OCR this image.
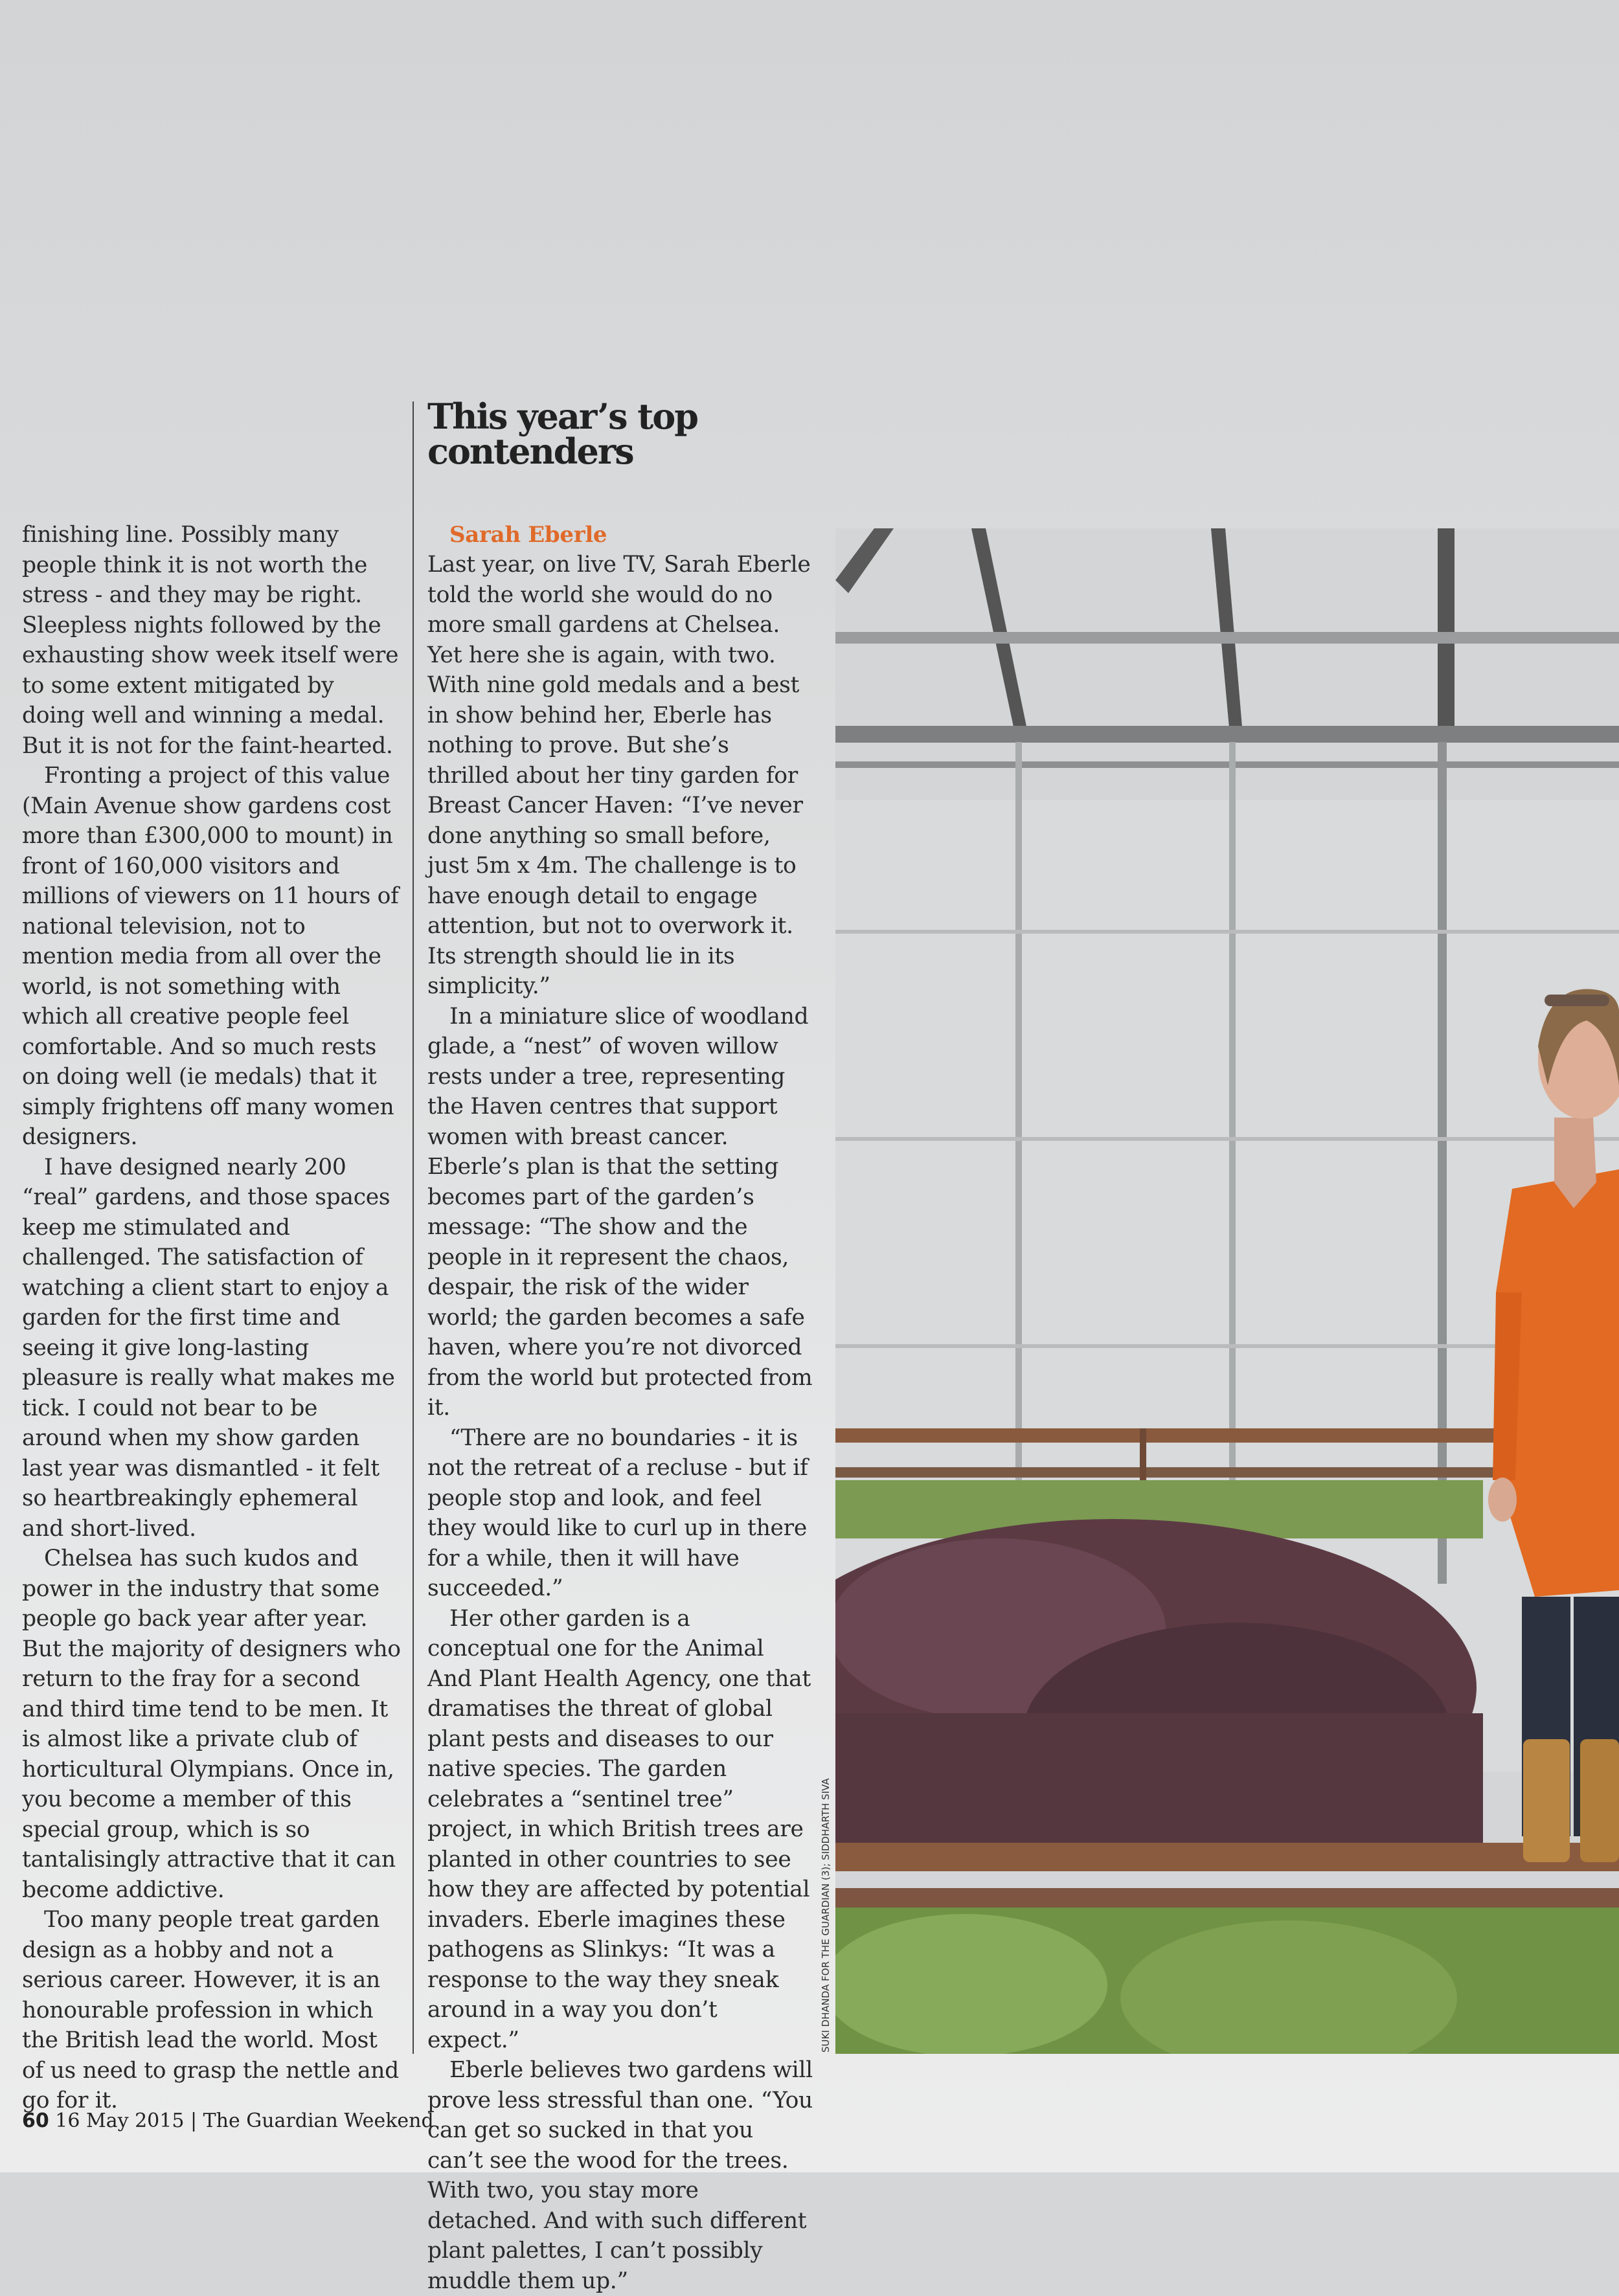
finishing line. Possibly many people think it is not worth the stress - and they may be right. Sleepless nights followed by the exhausting show week itself were to some extent mitigated by doing well and winning a medal. But it is not for the faint-hearted.

Fronting a project of this value (Main Avenue show gardens cost more than £300,000 to mount) in front of 160,000 visitors and millions of viewers on 11 hours of national television, not to mention media from all over the world, is not something with which all creative people feel comfortable. And so much rests on doing well (ie medals) that it simply frightens off many women designers.

I have designed nearly 200 “real” gardens, and those spaces keep me stimulated and challenged. The satisfaction of watching a client start to enjoy a garden for the first time and seeing it give long-lasting pleasure is really what makes me tick. I could not bear to be around when my show garden last year was dismantled - it felt so heartbreakingly ephemeral and short-lived.

Chelsea has such kudos and power in the industry that some people go back year after year. But the majority of designers who return to the fray for a second and third time tend to be men. It is almost like a private club of horticultural Olympians. Once in, you become a member of this special group, which is so tantalisingly attractive that it can become addictive.

Too many people treat garden design as a hobby and not a serious career. However, it is an honourable profession in which the British lead the world. Most of us need to grasp the nettle and go for it.

This year’s top contenders

Sarah Eberle

Last year, on live TV, Sarah Eberle told the world she would do no more small gardens at Chelsea. Yet here she is again, with two. With nine gold medals and a best in show behind her, Eberle has nothing to prove. But she’s thrilled about her tiny garden for Breast Cancer Haven: “I’ve never done anything so small before, just 5m x 4m. The challenge is to have enough detail to engage attention, but not to overwork it. Its strength should lie in its simplicity.”

In a miniature slice of woodland glade, a “nest” of woven willow rests under a tree, representing the Haven centres that support women with breast cancer. Eberle’s plan is that the setting becomes part of the garden’s message: “The show and the people in it represent the chaos, despair, the risk of the wider world; the garden becomes a safe haven, where you’re not divorced from the world but protected from it.

“There are no boundaries - it is not the retreat of a recluse - but if people stop and look, and feel they would like to curl up in there for a while, then it will have succeeded.”

Her other garden is a conceptual one for the Animal And Plant Health Agency, one that dramatises the threat of global plant pests and diseases to our native species. The garden celebrates a “sentinel tree” project, in which British trees are planted in other countries to see how they are affected by potential invaders. Eberle imagines these pathogens as Slinkys: “It was a response to the way they sneak around in a way you don’t expect.”

Eberle believes two gardens will prove less stressful than one. “You can get so sucked in that you can’t see the wood for the trees. With two, you stay more detached. And with such different plant palettes, I can’t possibly muddle them up.”

SUKI DHANDA FOR THE GUARDIAN (3); SIDDHARTH SIVA
60 16 May 2015 | The Guardian Weekend
